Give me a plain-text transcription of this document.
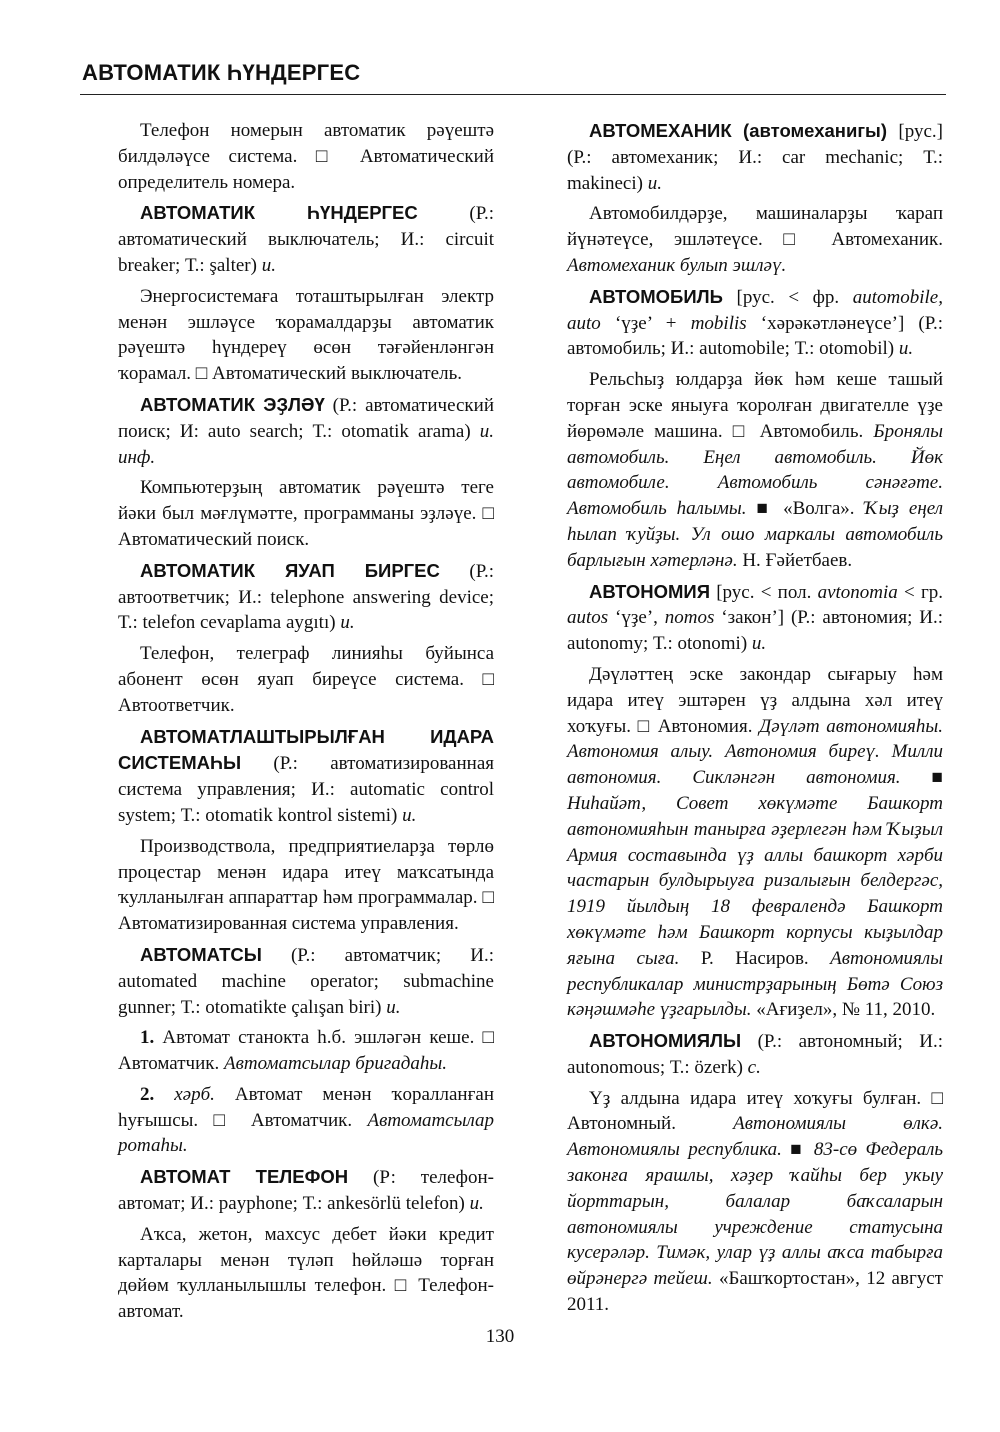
АВТОМАТИК ҺҮНДЕРГЕС

Телефон номерын автоматик рәүештә билдәләүсе система. □ Автоматический определитель номера.

АВТОМАТИК ҺҮНДЕРГЕС (Р.: автоматический выключатель; И.: circuit breaker; Т.: şalter) и.

Энергосистемаға тоташтырылған электр менән эшләүсе ҡорамалдарҙы автоматик рәүештә һүндереү өсөн тәғәйенләнгән ҡорамал. □ Автоматический выключатель.

АВТОМАТИК ЭҘЛӘҮ (Р.: автоматический поиск; И: auto search; Т.: otomatik arama) и. инф.

Компьютерҙың автоматик рәүештә теге йәки был мәғлүмәтте, программаны эҙләүе. □ Автоматический поиск.

АВТОМАТИК ЯУАП БИРГЕС (Р.: автоответчик; И.: telephone answering device; Т.: telefon cevaplama aygıtı) и.

Телефон, телеграф линияһы буйынса абонент өсөн яуап биреүсе система. □ Автоответчик.

АВТОМАТЛАШТЫРЫЛҒАН ИДАРА СИСТЕМАҺЫ (Р.: автоматизированная система управления; И.: automatic control system; Т.: otomatik kontrol sistemi) и.

Производствола, предприятиеларҙа төрлө процестар менән идара итеү маҡсатында ҡулланылған аппараттар һәм программалар. □ Автоматизированная система управления.

АВТОМАТСЫ (Р.: автоматчик; И.: automated machine operator; submachine gunner; Т.: otomatikte çalışan biri) и.

1. Автомат станокта һ.б. эшләгән кеше. □ Автоматчик. Автоматсылар бригадаһы.

2. хәрб. Автомат менән ҡоралланған һуғышсы. □ Автоматчик. Автоматсылар ротаһы.

АВТОМАТ ТЕЛЕФОН (Р: телефон-автомат; И.: payphone; Т.: ankesörlü telefon) и.

Аҡса, жетон, махсус дебет йәки кредит карталары менән түләп һөйләшә торған дөйөм ҡулланылышлы телефон. □ Телефон-автомат.

АВТОМЕХАНИК (автомеханигы) [рус.] (Р.: автомеханик; И.: car mechanic; Т.: makineci) и.

Автомобилдәрҙе, машиналарҙы ҡарап йүнәтеүсе, эшләтеүсе. □ Автомеханик. Автомеханик булып эшләү.

АВТОМОБИЛЬ [рус. < фр. automobile, auto ‘үҙе’ + mobilis ‘хәрәкәтләнеүсе’] (Р.: автомобиль; И.: automobile; Т.: otomobil) и.

Рельсһыҙ юлдарҙа йөк һәм кеше ташый торған эске яныуға ҡоролған двигателле үҙе йөрөмәле машина. □ Автомобиль. Бронялы автомобиль. Еңел автомобиль. Йөк автомобиле. Автомобиль сәнәғәте. Автомобиль һалымы. ■ «Волга». Ҡыҙ еңел һылап ҡуйҙы. Ул ошо маркалы автомобиль барлығын хәтерләнә. Н. Ғәйетбаев.

АВТОНОМИЯ [рус. < пол. avtonomia < гр. autos ‘үҙе’, nomos ‘закон’] (Р.: автономия; И.: autonomy; Т.: otonomi) и.

Дәүләттең эске закондар сығарыу һәм идара итеү эштәрен үҙ алдына хәл итеү хоҡуғы. □ Автономия. Дәүләт автономияһы. Автономия алыу. Автономия биреү. Милли автономия. Сикләнгән автономия. ■ Ниһайәт, Совет хөкүмәте Башкорт автономияһын танырға әҙерлегән һәм Ҡыҙыл Армия составында үҙ аллы башкорт хәрби частарын булдырыуға ризалығын белдергәс, 1919 йылдың 18 февралендә Башкорт хөкүмәте һәм Башкорт корпусы кыҙылдар яғына сыға. Р. Насиров. Автономиялы республикалар министрҙарының Бөтә Союз кәңәшмәһе үҙгарылды. «Ағиҙел», № 11, 2010.

АВТОНОМИЯЛЫ (Р.: автономный; И.: autonomous; Т.: özerk) с.

Үҙ алдына идара итеү хоҡуғы булған. □ Автономный. Автономиялы өлкә. Автономиялы республика. ■ 83-сө Федераль законға ярашлы, хәҙер ҡайһы бер укыу йорттарын, балалар баҡсаларын автономиялы учреждение статусына кусерәләр. Тимәк, улар үҙ аллы аҡса табырға өйрәнергә тейеш. «Башҡортостан», 12 август 2011.

130
